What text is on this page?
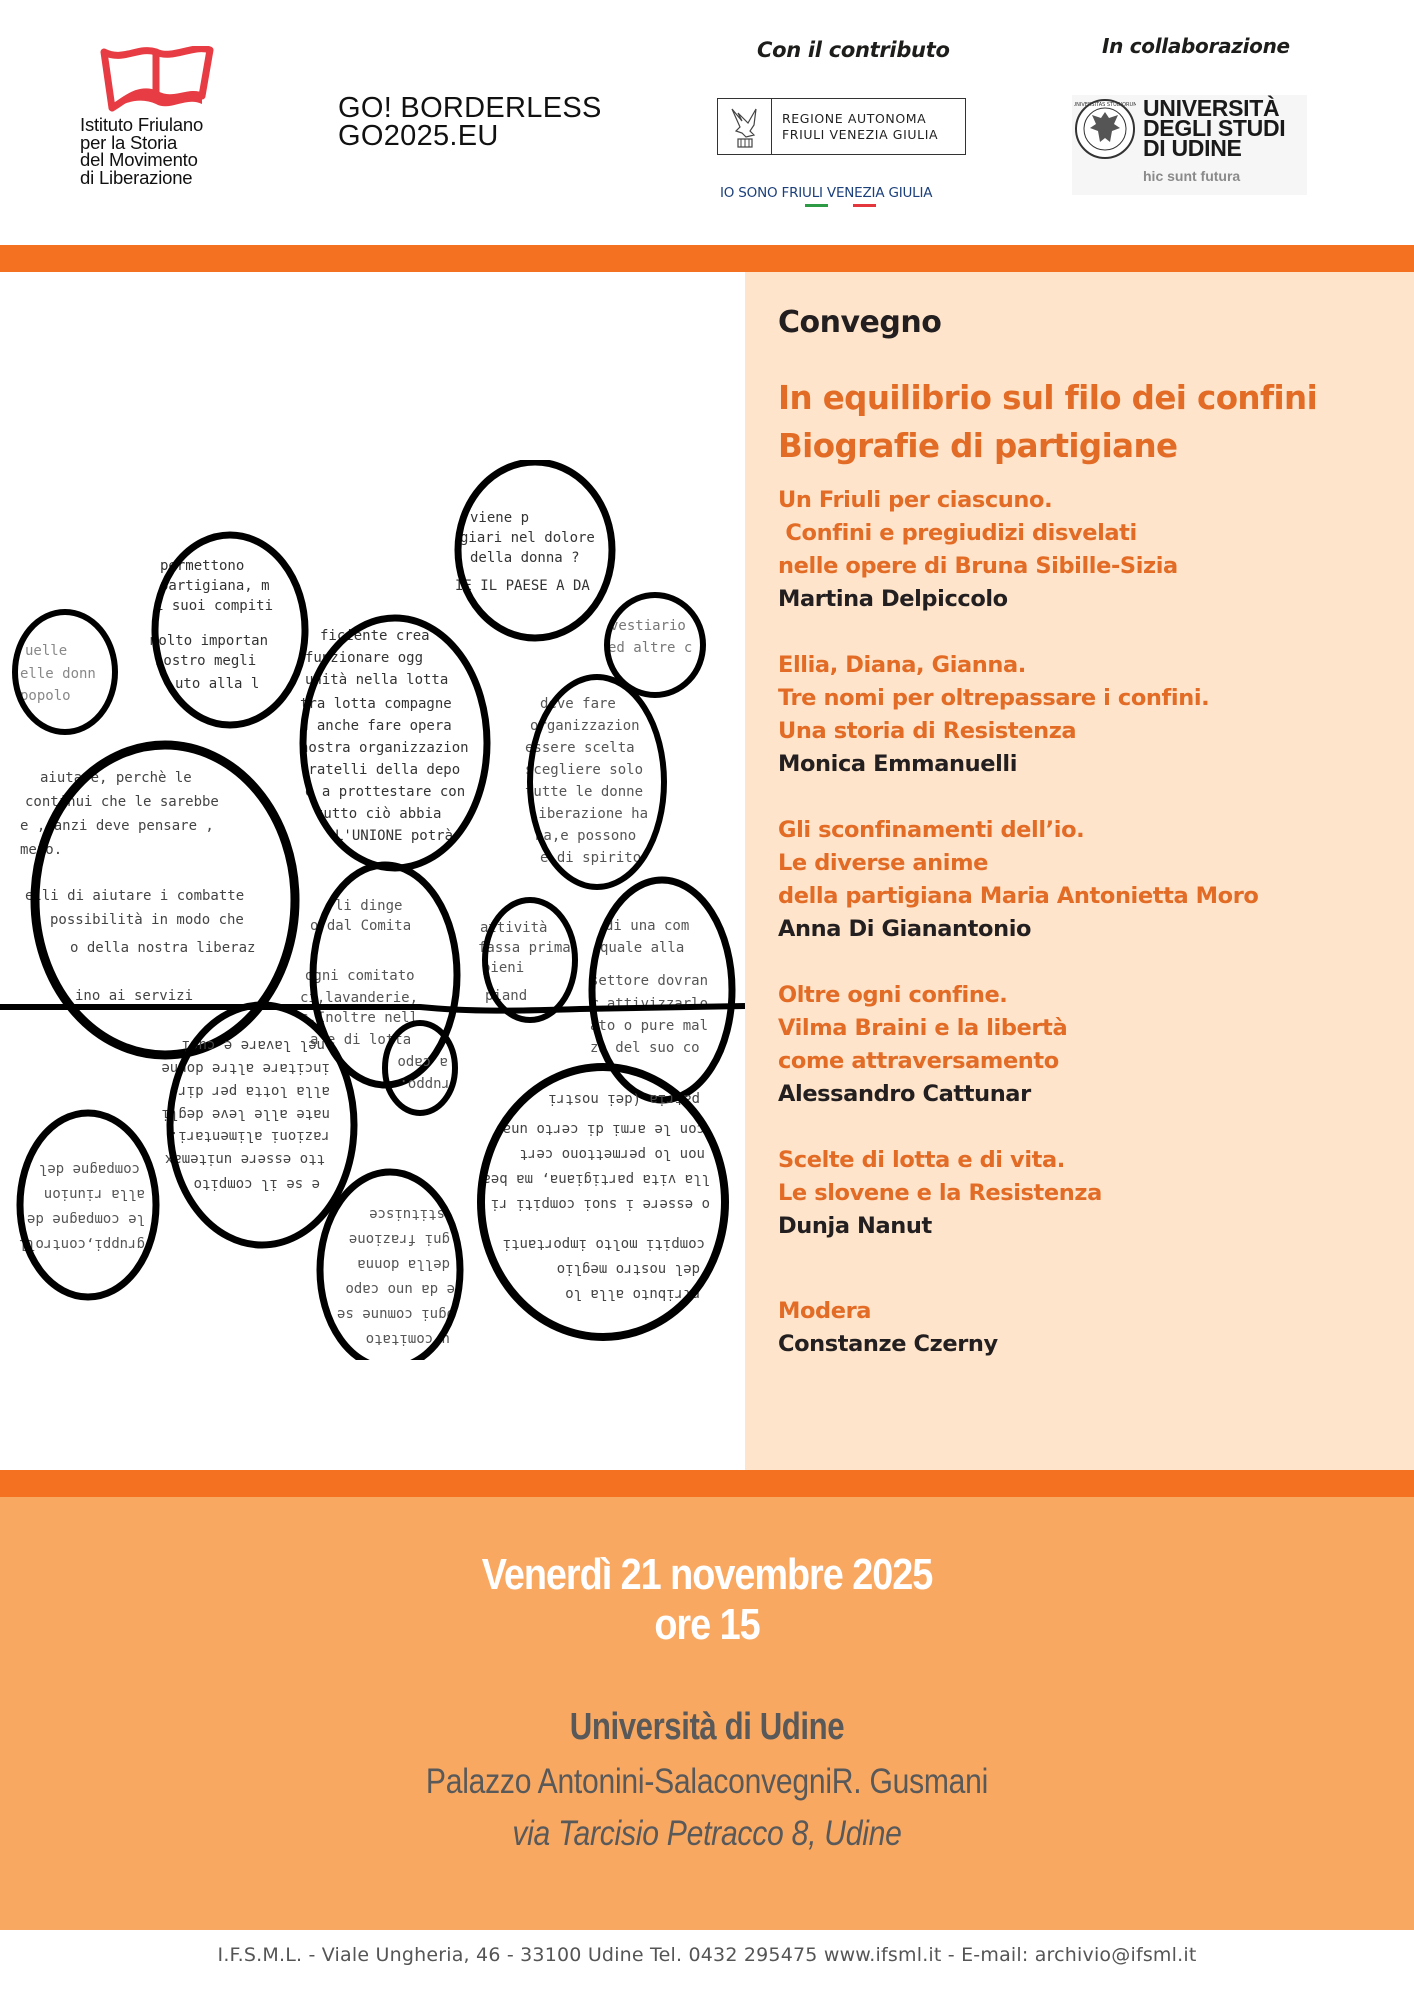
Istituto Friulano
per la Storia
del Movimento
di Liberazione
GO! BORDERLESS
GO2025.EU
Con il contributo
REGIONE AUTONOMA
FRIULI VENEZIA GIULIA
IO SONO FRIULI VENEZIA GIULIA
In collaborazione
UNIVERSITAS STUDIORUM UNIVERSITÀ
DEGLI STUDI
DI UDINE
hic sunt futura
viene p
giari nel dolore
della donna ?
IE IL PAESE A DA
permettono
partigiana, m
i suoi compiti
molto importan
nostro megli
uto alla l
uelle
elle donn
popolo
ficiente crea
funzionare ogg
unità nella lotta
tra lotta compagne
a anche fare opera
nostra organizzazion
fratelli della depo
e a prottestare con
tutto ciò abbia
L'UNIONE potrà
vestiario
ed altre c
deve fare
organizzazion
essere scelta
scegliere solo
tutte le donne
liberazione ha
na,e possono
e di spirito
aiutare, perchè le
continui che le sarebbe
e , anzi deve pensare ,
meno.
elli di aiutare i combatte
possibilità in modo che
o della nostra liberaz
ino ai servizi
li dinge
o dal Comita
ogni comitato
ci,lavanderie,
c.Inoltre nell
a e di lotta
attività
fassa prima
pieni
piand
di una com
quale alla
settore dovran
r,attivizzarlo
ato o pure mal
za del suo co
e se il compito
tto essere unitemax
razioni alimentari.
nate alle leve degli
alla lotta per dire
incitare altre donne
nel lavare e cuci
ruppo.
a capo
gruppi,controll
le compagne de
alla riunion
compagne del
ntributo alla lo
del nostro meglio
compiti molto importanti
o essere i suoi compiti ri
lla vita partigiana, ma bea
non lo permettono cert
con le armi di certo una
patria (dei nostri
u comitato
Ogni comune se
e da uno capo
della donna
gni frazione
stituisce
Convegno
In equilibrio sul filo dei confini
Biografie di partigiane
Un Friuli per ciascuno.
Confini e pregiudizi disvelati
nelle opere di Bruna Sibille-Sizia
Martina Delpiccolo
Ellia, Diana, Gianna.
Tre nomi per oltrepassare i confini.
Una storia di Resistenza
Monica Emmanuelli
Gli sconfinamenti dell’io.
Le diverse anime
della partigiana Maria Antonietta Moro
Anna Di Gianantonio
Oltre ogni confine.
Vilma Braini e la libertà
come attraversamento
Alessandro Cattunar
Scelte di lotta e di vita.
Le slovene e la Resistenza
Dunja Nanut
Modera
Constanze Czerny
Venerdì 21 novembre 2025
ore 15
Università di Udine
Palazzo Antonini-SalaconvegniR. Gusmani
via Tarcisio Petracco 8, Udine
I.F.S.M.L. - Viale Ungheria, 46 - 33100 Udine Tel. 0432 295475 www.ifsml.it - E-mail: archivio@ifsml.it
